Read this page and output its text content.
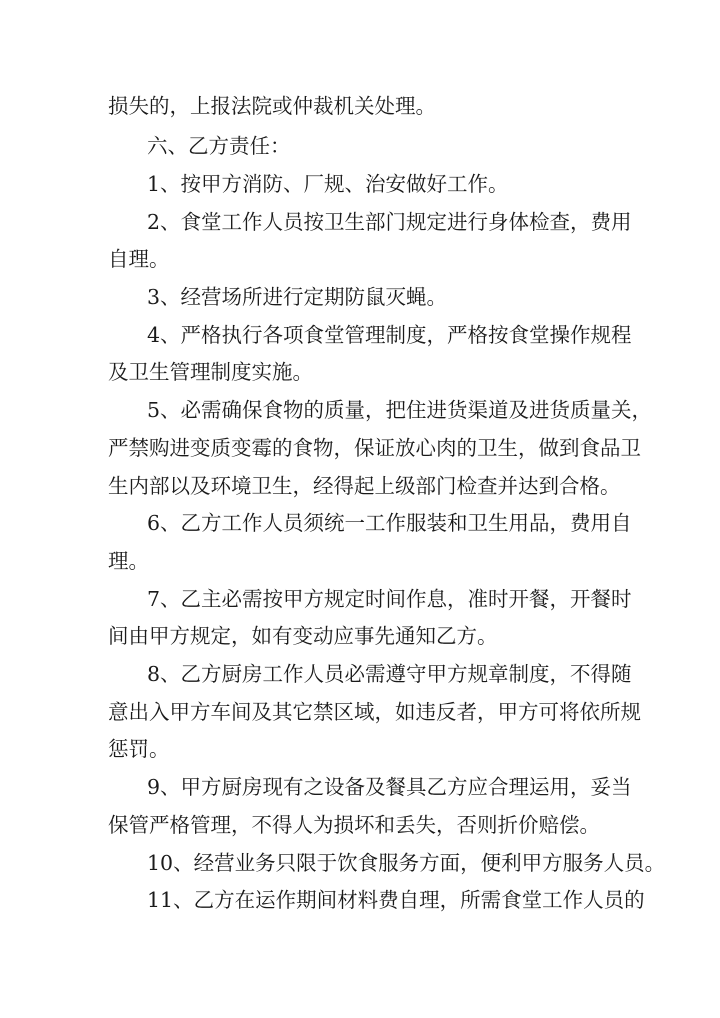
损失的，上报法院或仲裁机关处理。
六、乙方责任：
1、按甲方消防、厂规、治安做好工作。
2、食堂工作人员按卫生部门规定进行身体检查，费用
自理。
3、经营场所进行定期防鼠灭蝇。
4、严格执行各项食堂管理制度，严格按食堂操作规程
及卫生管理制度实施。
5、必需确保食物的质量，把住进货渠道及进货质量关，
严禁购进变质变霉的食物，保证放心肉的卫生，做到食品卫
生内部以及环境卫生，经得起上级部门检查并达到合格。
6、乙方工作人员须统一工作服装和卫生用品，费用自
理。
7、乙主必需按甲方规定时间作息，准时开餐，开餐时
间由甲方规定，如有变动应事先通知乙方。
8、乙方厨房工作人员必需遵守甲方规章制度，不得随
意出入甲方车间及其它禁区域，如违反者，甲方可将依所规
惩罚。
9、甲方厨房现有之设备及餐具乙方应合理运用，妥当
保管严格管理，不得人为损坏和丢失，否则折价赔偿。
10、经营业务只限于饮食服务方面，便利甲方服务人员。
11、乙方在运作期间材料费自理，所需食堂工作人员的
